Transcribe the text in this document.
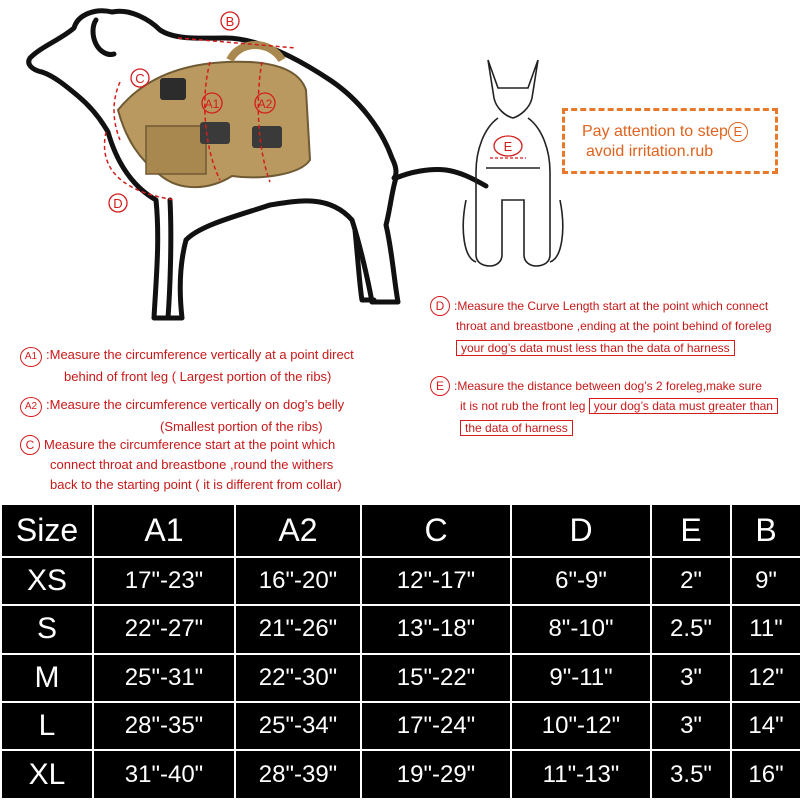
B
C
A1	A2
D
E
Pay attention to step E
avoid irritation.rub
A1 :Measure the circumference vertically at a point direct
behind of front leg ( Largest portion of the ribs)
A2 :Measure the circumference vertically on dog’s belly
(Smallest portion of the ribs)
C Measure the circumference start at the point which
connect throat and breastbone ,round the withers
back to the starting point ( it is different from collar)
D :Measure the Curve Length start at the point which connect
throat and breastbone ,ending at the point behind of foreleg
your dog’s data must less than the data of harness
E :Measure the distance between dog’s 2 foreleg,make sure
it is not rub the front leg your dog’s data must greater than
the data of harness
Size	A1	A2	C	D	E	B
XS	17"-23"	16"-20"	12"-17"	6"-9"	2"	9"
S	22"-27"	21"-26"	13"-18"	8"-10"	2.5"	11"
M	25"-31"	22"-30"	15"-22"	9"-11"	3"	12"
L	28"-35"	25"-34"	17"-24"	10"-12"	3"	14"
XL	31"-40"	28"-39"	19"-29"	11"-13"	3.5"	16"
